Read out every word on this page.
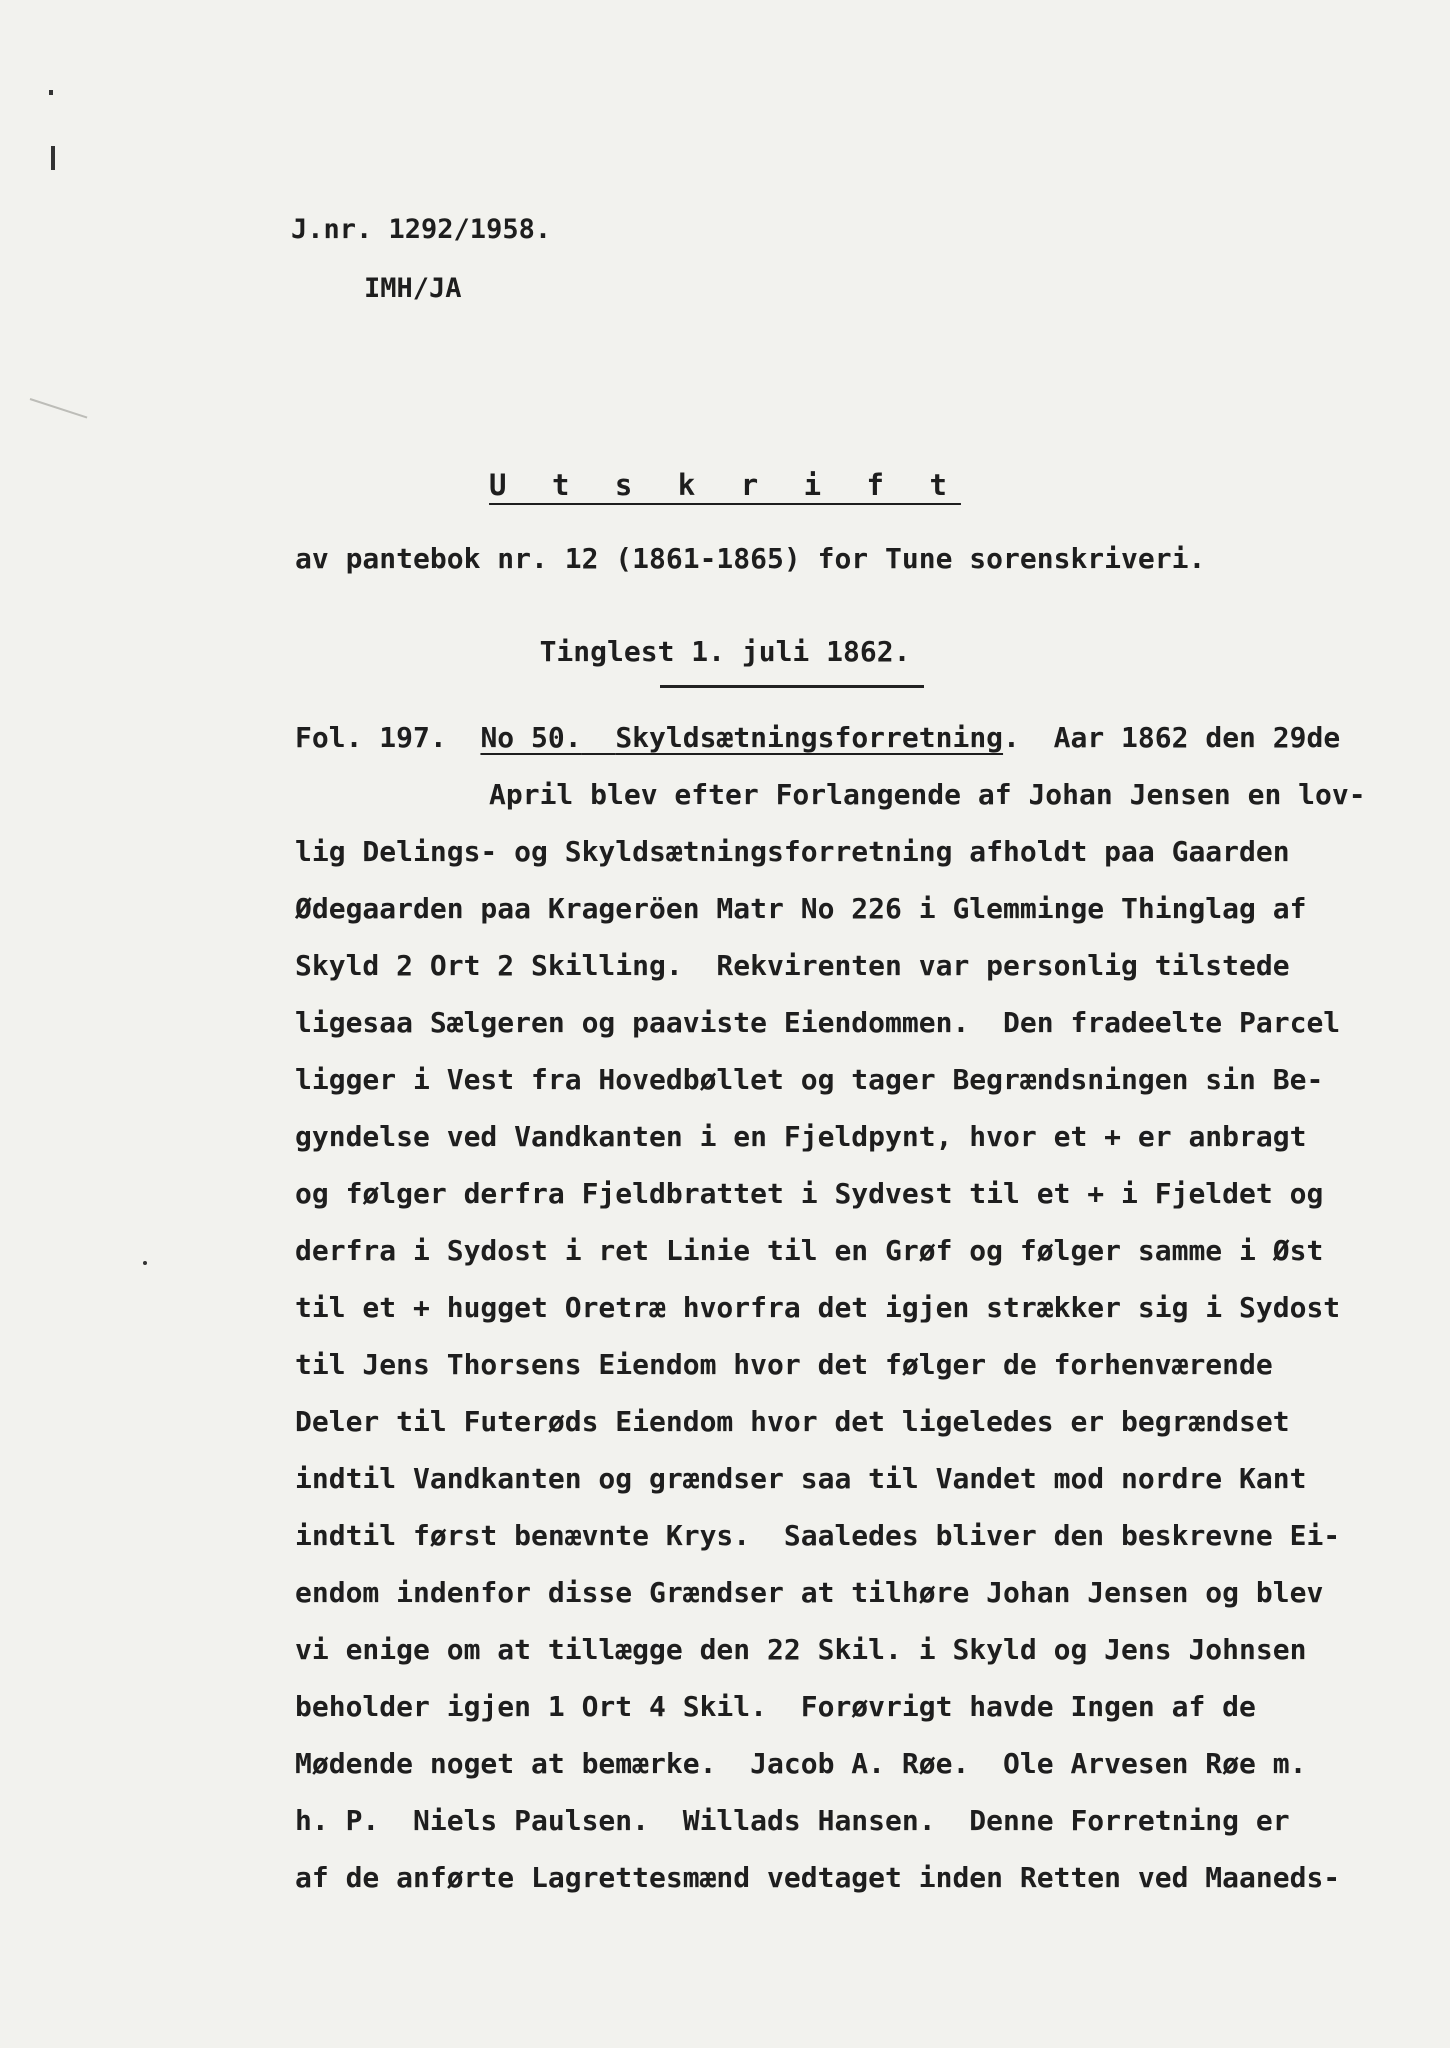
J.nr. 1292/1958.
IMH/JA
U t s k r i f t
av pantebok nr. 12 (1861-1865) for Tune sorenskriveri.
Tinglest 1. juli 1862.
Fol. 197. No 50. Skyldsætningsforretning.  Aar 1862 den 29de
April blev efter Forlangende af Johan Jensen en lov-
lig Delings- og Skyldsætningsforretning afholdt paa Gaarden
Ødegaarden paa Krageröen Matr No 226 i Glemminge Thinglag af
Skyld 2 Ort 2 Skilling.  Rekvirenten var personlig tilstede
ligesaa Sælgeren og paaviste Eiendommen.  Den fradeelte Parcel
ligger i Vest fra Hovedbøllet og tager Begrændsningen sin Be-
gyndelse ved Vandkanten i en Fjeldpynt, hvor et + er anbragt
og følger derfra Fjeldbrattet i Sydvest til et + i Fjeldet og
derfra i Sydost i ret Linie til en Grøf og følger samme i Øst
til et + hugget Oretræ hvorfra det igjen strækker sig i Sydost
til Jens Thorsens Eiendom hvor det følger de forhenværende
Deler til Futerøds Eiendom hvor det ligeledes er begrændset
indtil Vandkanten og grændser saa til Vandet mod nordre Kant
indtil først benævnte Krys.  Saaledes bliver den beskrevne Ei-
endom indenfor disse Grændser at tilhøre Johan Jensen og blev
vi enige om at tillægge den 22 Skil. i Skyld og Jens Johnsen
beholder igjen 1 Ort 4 Skil.  Forøvrigt havde Ingen af de
Mødende noget at bemærke.  Jacob A. Røe.  Ole Arvesen Røe m.
h. P.  Niels Paulsen.  Willads Hansen.  Denne Forretning er
af de anførte Lagrettesmænd vedtaget inden Retten ved Maaneds-
